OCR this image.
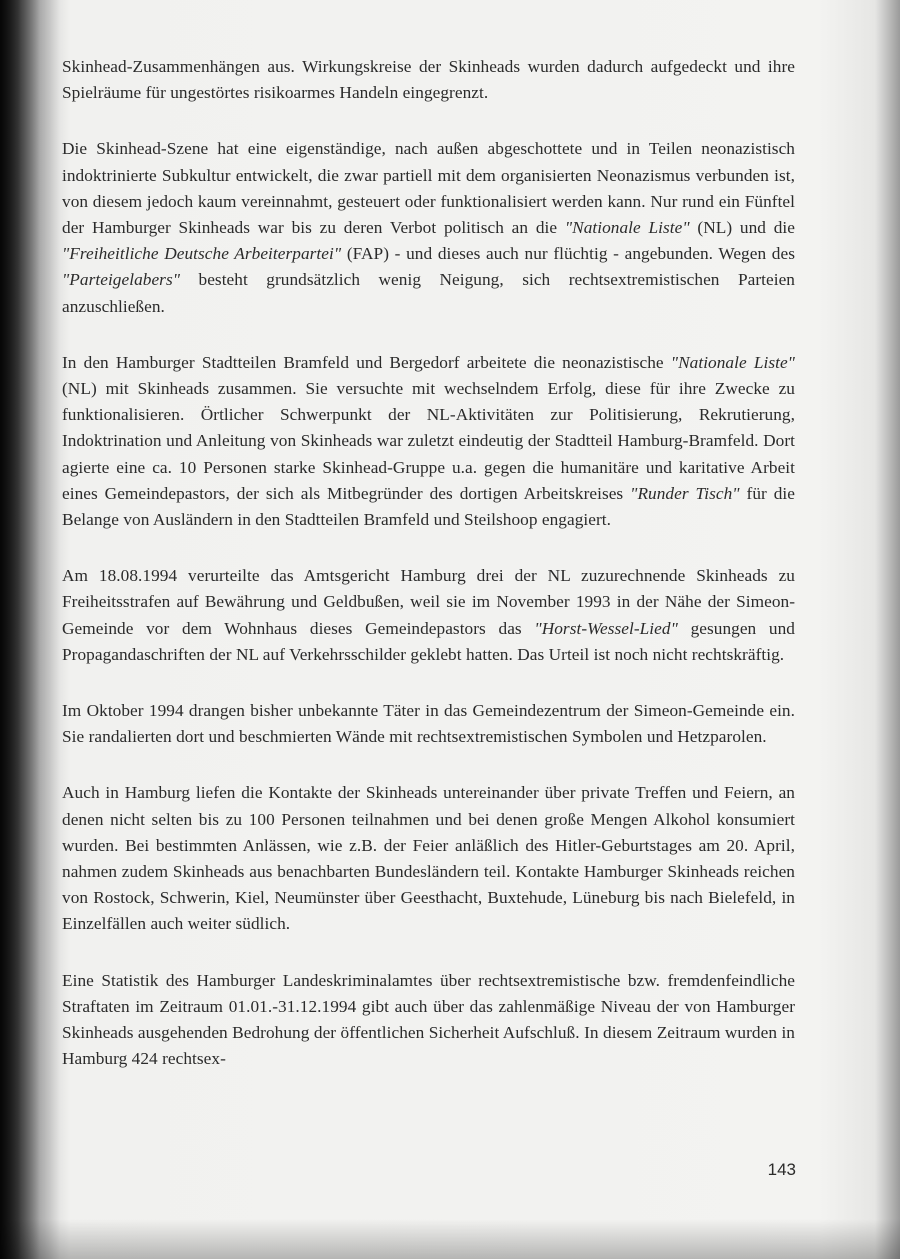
Skinhead-Zusammenhängen aus. Wirkungskreise der Skinheads wurden dadurch aufgedeckt und ihre Spielräume für ungestörtes risikoarmes Handeln eingegrenzt.

Die Skinhead-Szene hat eine eigenständige, nach außen abgeschottete und in Teilen neonazistisch indoktrinierte Subkultur entwickelt, die zwar partiell mit dem organisierten Neonazismus verbunden ist, von diesem jedoch kaum vereinnahmt, gesteuert oder funktionalisiert werden kann. Nur rund ein Fünftel der Hamburger Skinheads war bis zu deren Verbot politisch an die "Nationale Liste" (NL) und die "Freiheitliche Deutsche Arbeiterpartei" (FAP) - und dieses auch nur flüchtig - angebunden. Wegen des "Parteigelabers" besteht grundsätzlich wenig Neigung, sich rechtsextremistischen Parteien anzuschließen.

In den Hamburger Stadtteilen Bramfeld und Bergedorf arbeitete die neonazistische "Nationale Liste" (NL) mit Skinheads zusammen. Sie versuchte mit wechselndem Erfolg, diese für ihre Zwecke zu funktionalisieren. Örtlicher Schwerpunkt der NL-Aktivitäten zur Politisierung, Rekrutierung, Indoktrination und Anleitung von Skinheads war zuletzt eindeutig der Stadtteil Hamburg-Bramfeld. Dort agierte eine ca. 10 Personen starke Skinhead-Gruppe u.a. gegen die humanitäre und karitative Arbeit eines Gemeindepastors, der sich als Mitbegründer des dortigen Arbeitskreises "Runder Tisch" für die Belange von Ausländern in den Stadtteilen Bramfeld und Steilshoop engagiert.

Am 18.08.1994 verurteilte das Amtsgericht Hamburg drei der NL zuzurechnende Skinheads zu Freiheitsstrafen auf Bewährung und Geldbußen, weil sie im November 1993 in der Nähe der Simeon-Gemeinde vor dem Wohnhaus dieses Gemeindepastors das "Horst-Wessel-Lied" gesungen und Propagandaschriften der NL auf Verkehrsschilder geklebt hatten. Das Urteil ist noch nicht rechtskräftig.

Im Oktober 1994 drangen bisher unbekannte Täter in das Gemeindezentrum der Simeon-Gemeinde ein. Sie randalierten dort und beschmierten Wände mit rechtsextremistischen Symbolen und Hetzparolen.

Auch in Hamburg liefen die Kontakte der Skinheads untereinander über private Treffen und Feiern, an denen nicht selten bis zu 100 Personen teilnahmen und bei denen große Mengen Alkohol konsumiert wurden. Bei bestimmten Anlässen, wie z.B. der Feier anläßlich des Hitler-Geburtstages am 20. April, nahmen zudem Skinheads aus benachbarten Bundesländern teil. Kontakte Hamburger Skinheads reichen von Rostock, Schwerin, Kiel, Neumünster über Geesthacht, Buxtehude, Lüneburg bis nach Bielefeld, in Einzelfällen auch weiter südlich.

Eine Statistik des Hamburger Landeskriminalamtes über rechtsextremistische bzw. fremdenfeindliche Straftaten im Zeitraum 01.01.-31.12.1994 gibt auch über das zahlenmäßige Niveau der von Hamburger Skinheads ausgehenden Bedrohung der öffentlichen Sicherheit Aufschluß. In diesem Zeitraum wurden in Hamburg 424 rechtsex-

143
